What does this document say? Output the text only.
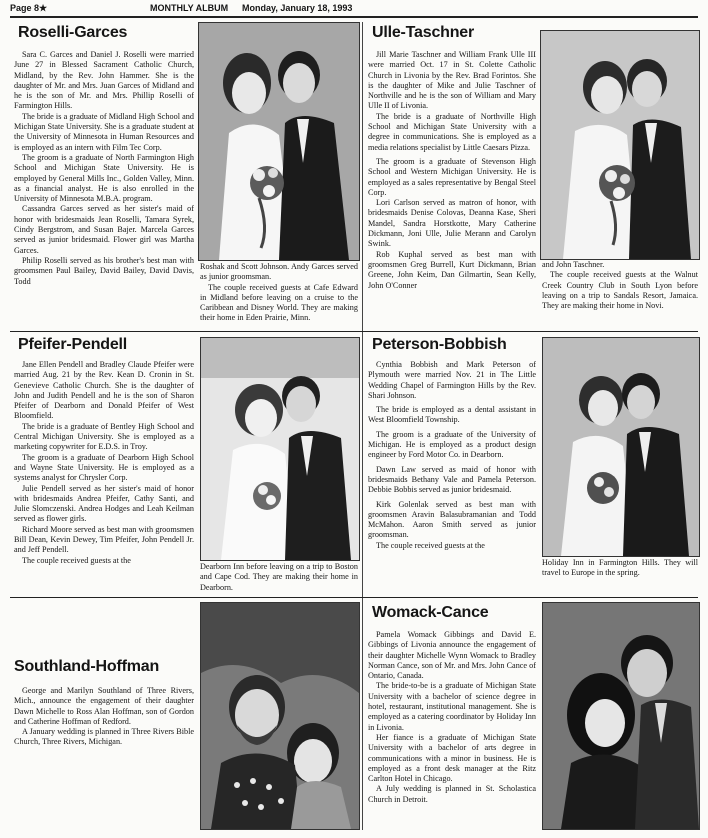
Page 8★	MONTHLY ALBUM Monday, January 18, 1993
Roselli-Garces

Sara C. Garces and Daniel J. Roselli were married June 27 in Blessed Sacrament Catholic Church, Midland, by the Rev. John Hammer. She is the daughter of Mr. and Mrs. Juan Garces of Midland and he is the son of Mr. and Mrs. Phillip Roselli of Farmington Hills.

The bride is a graduate of Midland High School and Michigan State University. She is a graduate student at the University of Minnesota in Human Resources and is employed as an intern with Film Tec Corp.

The groom is a graduate of North Farmington High School and Michigan State University. He is employed by General Mills Inc., Golden Valley, Minn. as a financial analyst. He is also enrolled in the University of Minnesota M.B.A. program.

Cassandra Garces served as her sister's maid of honor with bridesmaids Jean Roselli, Tamara Syrek, Cindy Bergstrom, and Susan Bajer. Marcela Garces served as junior bridesmaid. Flower girl was Martha Garces.

Philip Roselli served as his brother's best man with groomsmen Paul Bailey, David Bailey, David Davis, Todd

Roshak and Scott Johnson. Andy Garces served as junior groomsman.

The couple received guests at Cafe Edward in Midland before leaving on a cruise to the Caribbean and Disney World. They are making their home in Eden Prairie, Minn.

Ulle-Taschner

Jill Marie Taschner and William Frank Ulle III were married Oct. 17 in St. Colette Catholic Church in Livonia by the Rev. Brad Forintos. She is the daughter of Mike and Julie Taschner of Northville and he is the son of William and Mary Ulle II of Livonia.

The bride is a graduate of Northville High School and Michigan State University with a degree in communications. She is employed as a media relations specialist by Little Caesars Pizza.

The groom is a graduate of Stevenson High School and Western Michigan University. He is employed as a sales representative by Bengal Steel Corp.

Lori Carlson served as matron of honor, with bridesmaids Denise Colovas, Deanna Kase, Sheri Mandel, Sandra Horstkotte, Mary Catherine Dickmann, Joni Ulle, Julie Merann and Carolyn Swink.

Rob Kuphal served as best man with groomsmen Greg Burrell, Kurt Dickmann, Brian Greene, John Keim, Dan Gilmartin, Sean Kelly, John O'Conner

and John Taschner.

The couple received guests at the Walnut Creek Country Club in South Lyon before leaving on a trip to Sandals Resort, Jamaica. They are making their home in Novi.

Pfeifer-Pendell

Jane Ellen Pendell and Bradley Claude Pfeifer were married Aug. 21 by the Rev. Kean D. Cronin in St. Genevieve Catholic Church. She is the daughter of John and Judith Pendell and he is the son of Sharon Pfeifer of Dearborn and Donald Pfeifer of West Bloomfield.

The bride is a graduate of Bentley High School and Central Michigan University. She is employed as a marketing copywriter for E.D.S. in Troy.

The groom is a graduate of Dearborn High School and Wayne State University. He is employed as a systems analyst for Chrysler Corp.

Julie Pendell served as her sister's maid of honor with bridesmaids Andrea Pfeifer, Cathy Santi, and Julie Slomczenski. Andrea Hodges and Leah Keilman served as flower girls.

Richard Moore served as best man with groomsmen Bill Dean, Kevin Dewey, Tim Pfeifer, John Pendell Jr. and Jeff Pendell.

The couple received guests at the

Dearborn Inn before leaving on a trip to Boston and Cape Cod. They are making their home in Dearborn.

Peterson-Bobbish

Cynthia Bobbish and Mark Peterson of Plymouth were married Nov. 21 in The Little Wedding Chapel of Farmington Hills by the Rev. Shari Johnson.

The bride is employed as a dental assistant in West Bloomfield Township.

The groom is a graduate of the University of Michigan. He is employed as a product design engineer by Ford Motor Co. in Dearborn.

Dawn Law served as maid of honor with bridesmaids Bethany Vale and Pamela Peterson. Debbie Bobbis served as junior bridesmaid.

Kirk Golenlak served as best man with groomsmen Aravin Balasubramanian and Todd McMahon. Aaron Smith served as junior groomsman.

The couple received guests at the

Holiday Inn in Farmington Hills. They will travel to Europe in the spring.

Southland-Hoffman

George and Marilyn Southland of Three Rivers, Mich., announce the engagement of their daughter Dawn Michelle to Ross Alan Hoffman, son of Gordon and Catherine Hoffman of Redford.

A January wedding is planned in Three Rivers Bible Church, Three Rivers, Michigan.

Womack-Cance

Pamela Womack Gibbings and David E. Gibbings of Livonia announce the engagement of their daughter Michelle Wynn Womack to Bradley Norman Cance, son of Mr. and Mrs. John Cance of Ontario, Canada.

The bride-to-be is a graduate of Michigan State University with a bachelor of science degree in hotel, restaurant, institutional management. She is employed as a catering coordinator by Holiday Inn in Livonia.

Her fiance is a graduate of Michigan State University with a bachelor of arts degree in communications with a minor in business. He is employed as a front desk manager at the Ritz Carlton Hotel in Chicago.

A July wedding is planned in St. Scholastica Church in Detroit.
